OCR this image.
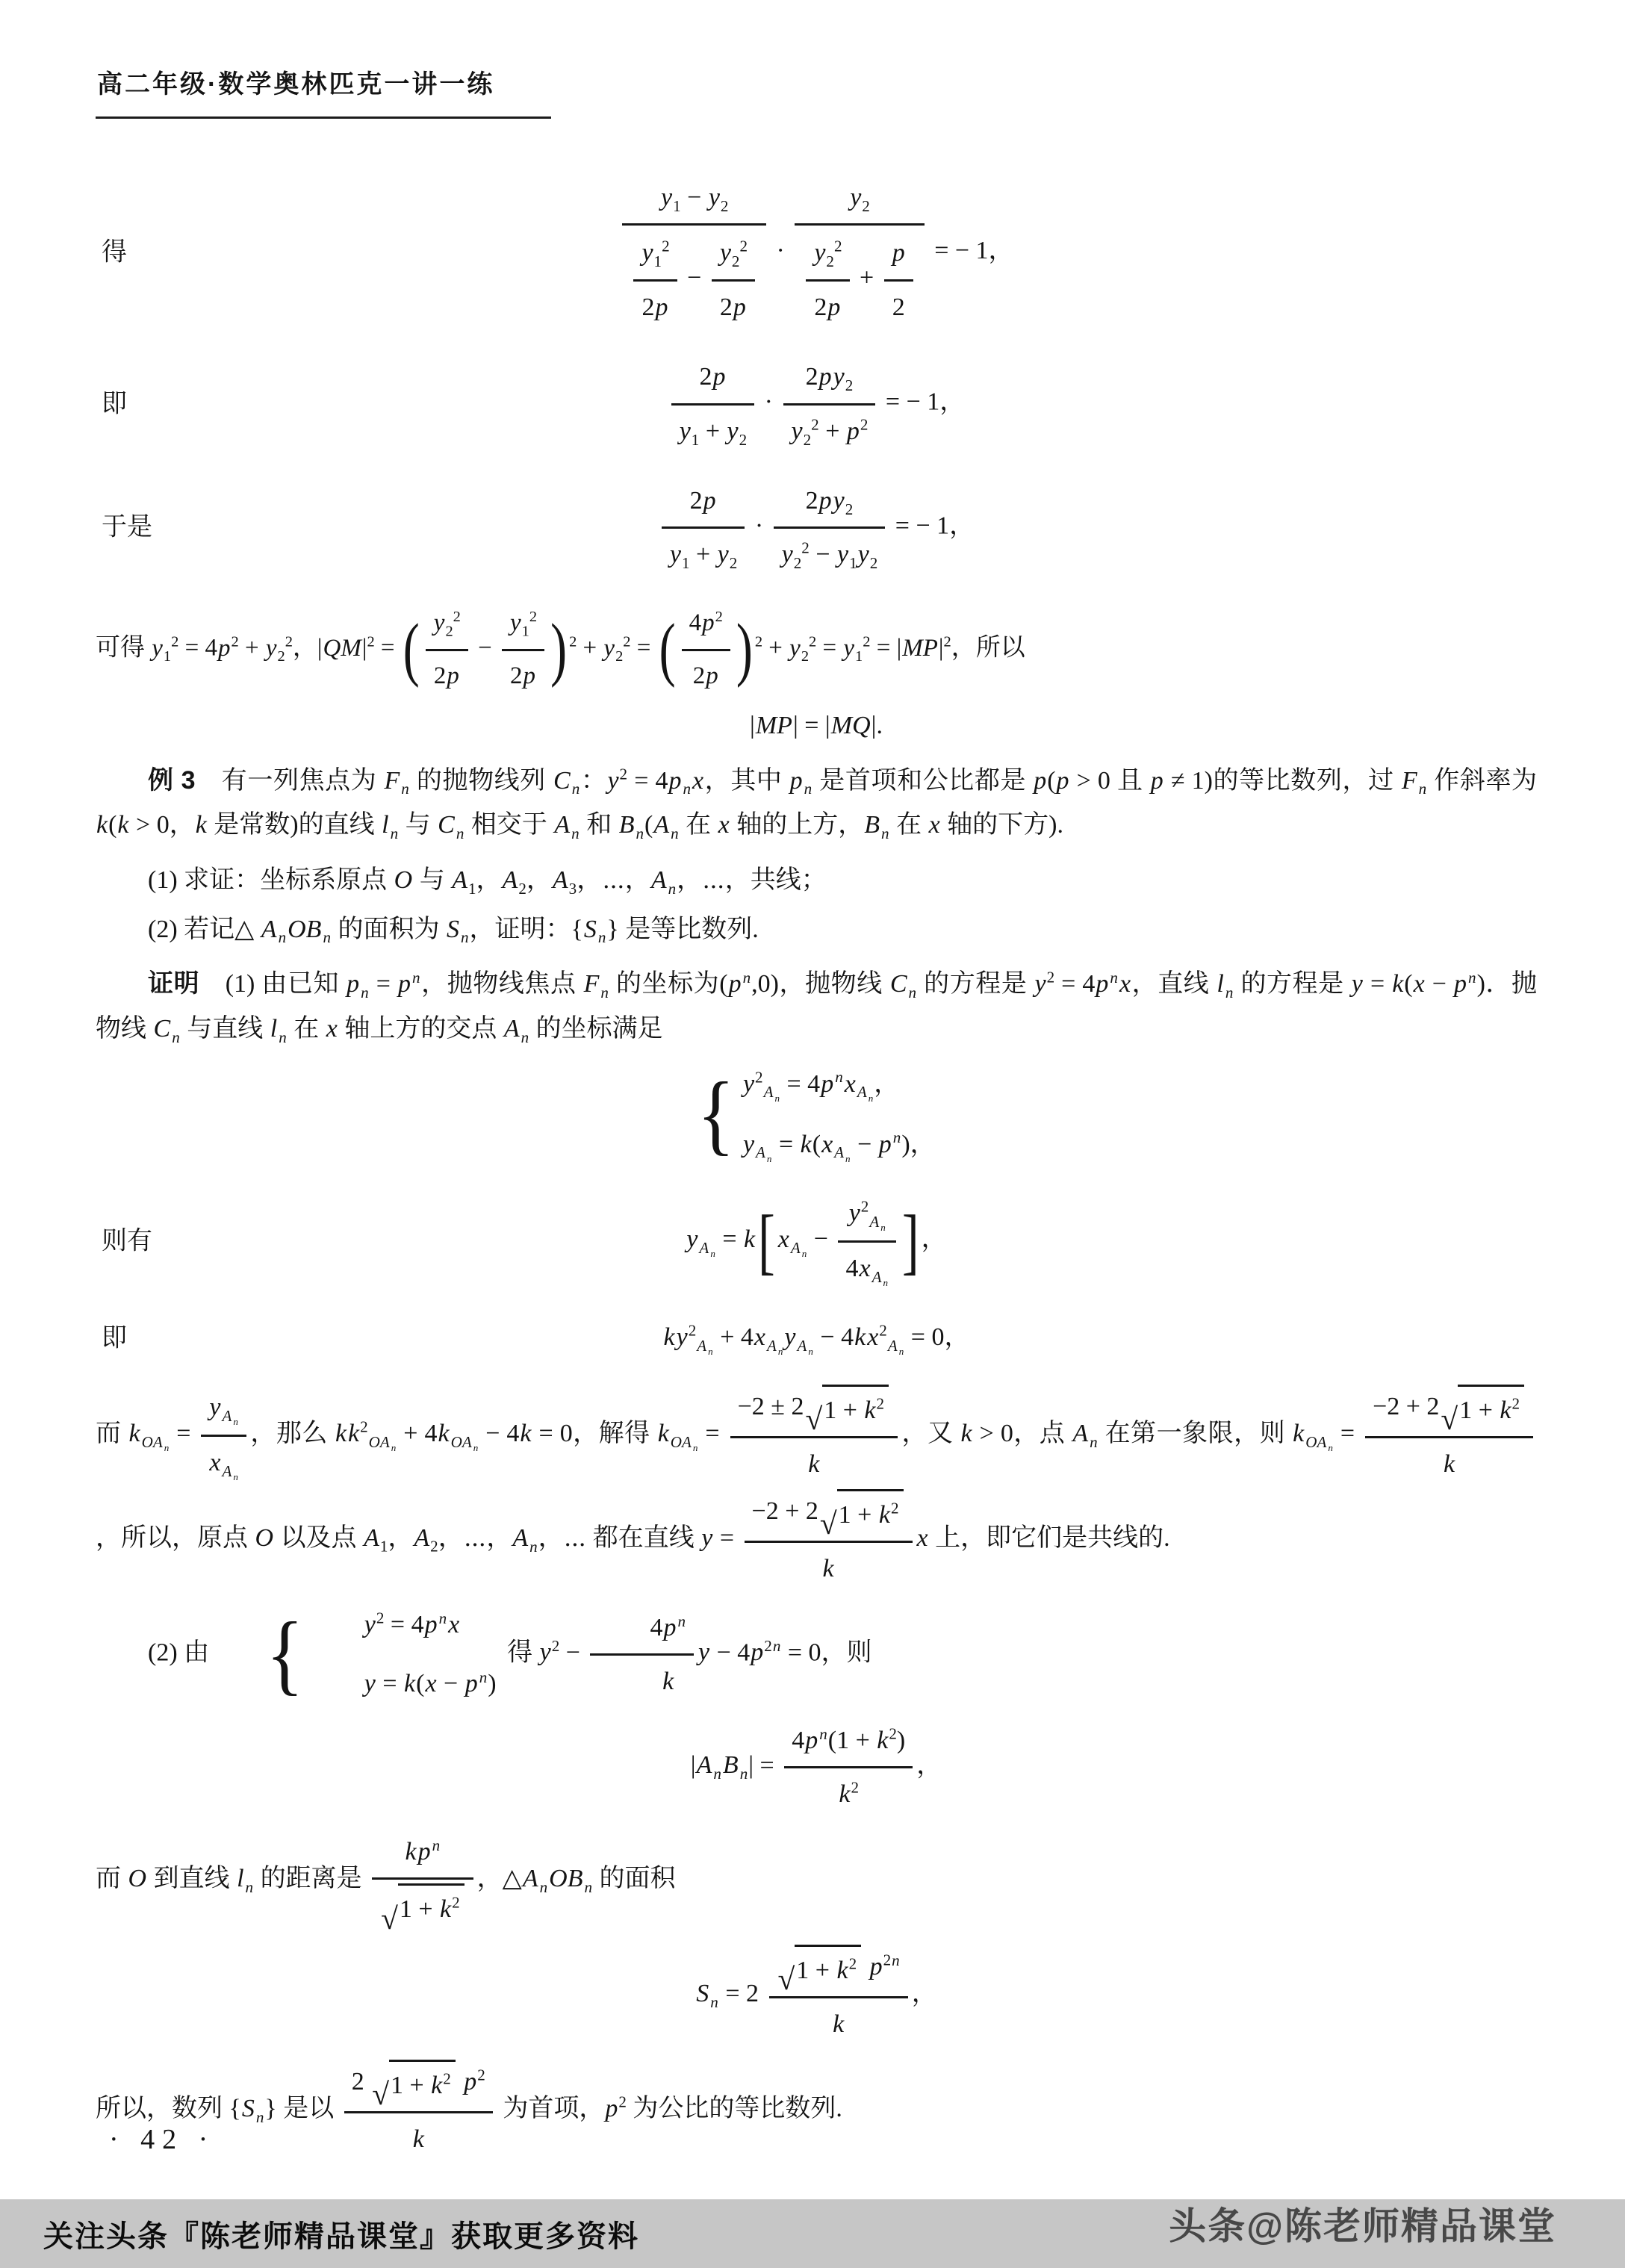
高二年级·数学奥林匹克一讲一练
得	$\frac{y_1 - y_2}{\frac{y_1^2}{2p} - \frac{y_2^2}{2p}} \cdot \frac{y_2}{\frac{y_2^2}{2p} + \frac{p}{2}}$ = − 1，
即	$\frac{2p}{y_1 + y_2} \cdot \frac{2py_2}{y_2^2 + p^2}$ = − 1，
于是	$\frac{2p}{y_1 + y_2} \cdot \frac{2py_2}{y_2^2 - y_1y_2}$ = − 1，
可得 $y_1^2 = 4p^2 + y_2^2$，$|QM|^2$ = ( $\frac{y_2^2}{2p} - \frac{y_1^2}{2p}$ ) $^2 + y_2^2$ = ( $\frac{4p^2}{2p}$ ) $^2 + y_2^2 = y_1^2 = |MP|^2$，所以
|MP| = |MQ|.
例 3　有一列焦点为 $F_n$ 的抛物线列 $C_n$：$y^2 = 4p_nx$，其中 $p_n$ 是首项和公比都是 p(p > 0 且 p ≠ 1)的等比数列，过 $F_n$ 作斜率为 k(k > 0，k 是常数)的直线 $l_n$ 与 $C_n$ 相交于 $A_n$ 和 $B_n(A_n$ 在 x 轴的上方，$B_n$ 在 x 轴的下方).
(1) 求证：坐标系原点 O 与 $A_1$，$A_2$，$A_3$，⋯，$A_n$，⋯，共线；
(2) 若记△ $A_nOB_n$ 的面积为 $S_n$，证明：$\{S_n\}$ 是等比数列.
证明　(1) 由已知 $p_n = p^n$，抛物线焦点 $F_n$ 的坐标为$(p^n,0)$，抛物线 $C_n$ 的方程是 $y^2 = 4p^nx$，直线 $l_n$ 的方程是 $y = k(x - p^n)$．抛物线 $C_n$ 与直线 $l_n$ 在 x 轴上方的交点 $A_n$ 的坐标满足
{ $y^2_{A _n} = 4p^nx_{A _n}$，
$y_{A _n} = k(x_{A _n} - p^n)$，
则有	$y_{A _n} = k$ [ $x_{A _n} - \frac{y^2_{A _n}}{4x_{A _n}}$ ] ，
即	$ky^2_{A _n} + 4x_{A _n}y_{A _n} - 4kx^2_{A _n} = 0$，
而 $k_{OA _n} = \frac{y_{A _n}}{x_{A _n}}$ ，那么 $kk^2_{OA _n} + 4k_{OA _n} - 4k = 0$，解得 $k_{OA _n} = \frac{-2 \pm 2 √ 1 + k^2}{k}$ ，又 k > 0，点 $A_n$ 在第一象限，则 $k_{OA _n} = \frac{-2 + 2 √ 1 + k^2}{k}$
，所以，原点 O 以及点 $A_1$，$A_2$，⋯，$A_n$，⋯ 都在直线 $y = \frac{-2 + 2 √ 1 + k^2}{k}$ x 上，即它们是共线的.
(2) 由 {	$y^2 = 4p^nx$
$y = k(x - p^n)$
得 $y^2 - \frac{4p^n}{k}$ $y - 4p^{2n} = 0$，则
$|A_nB_n| = \frac{4p^n(1 + k^2)}{k^2}$ ，
而 O 到直线 $l_n$ 的距离是 $\frac{kp^n}{√ 1 + k^2}$ ，$\triangle A_nOB_n$ 的面积
$S_n = 2 \frac{√ 1 + k^2 p^{2n}}{k}$ ，
所以，数列 $\{S_n\}$ 是以 $\frac{2 √ 1 + k^2 p^2}{k}$ 为首项，$p^2$ 为公比的等比数列.
· 42 ·
关注头条『陈老师精品课堂』获取更多资料	头条@陈老师精品课堂
